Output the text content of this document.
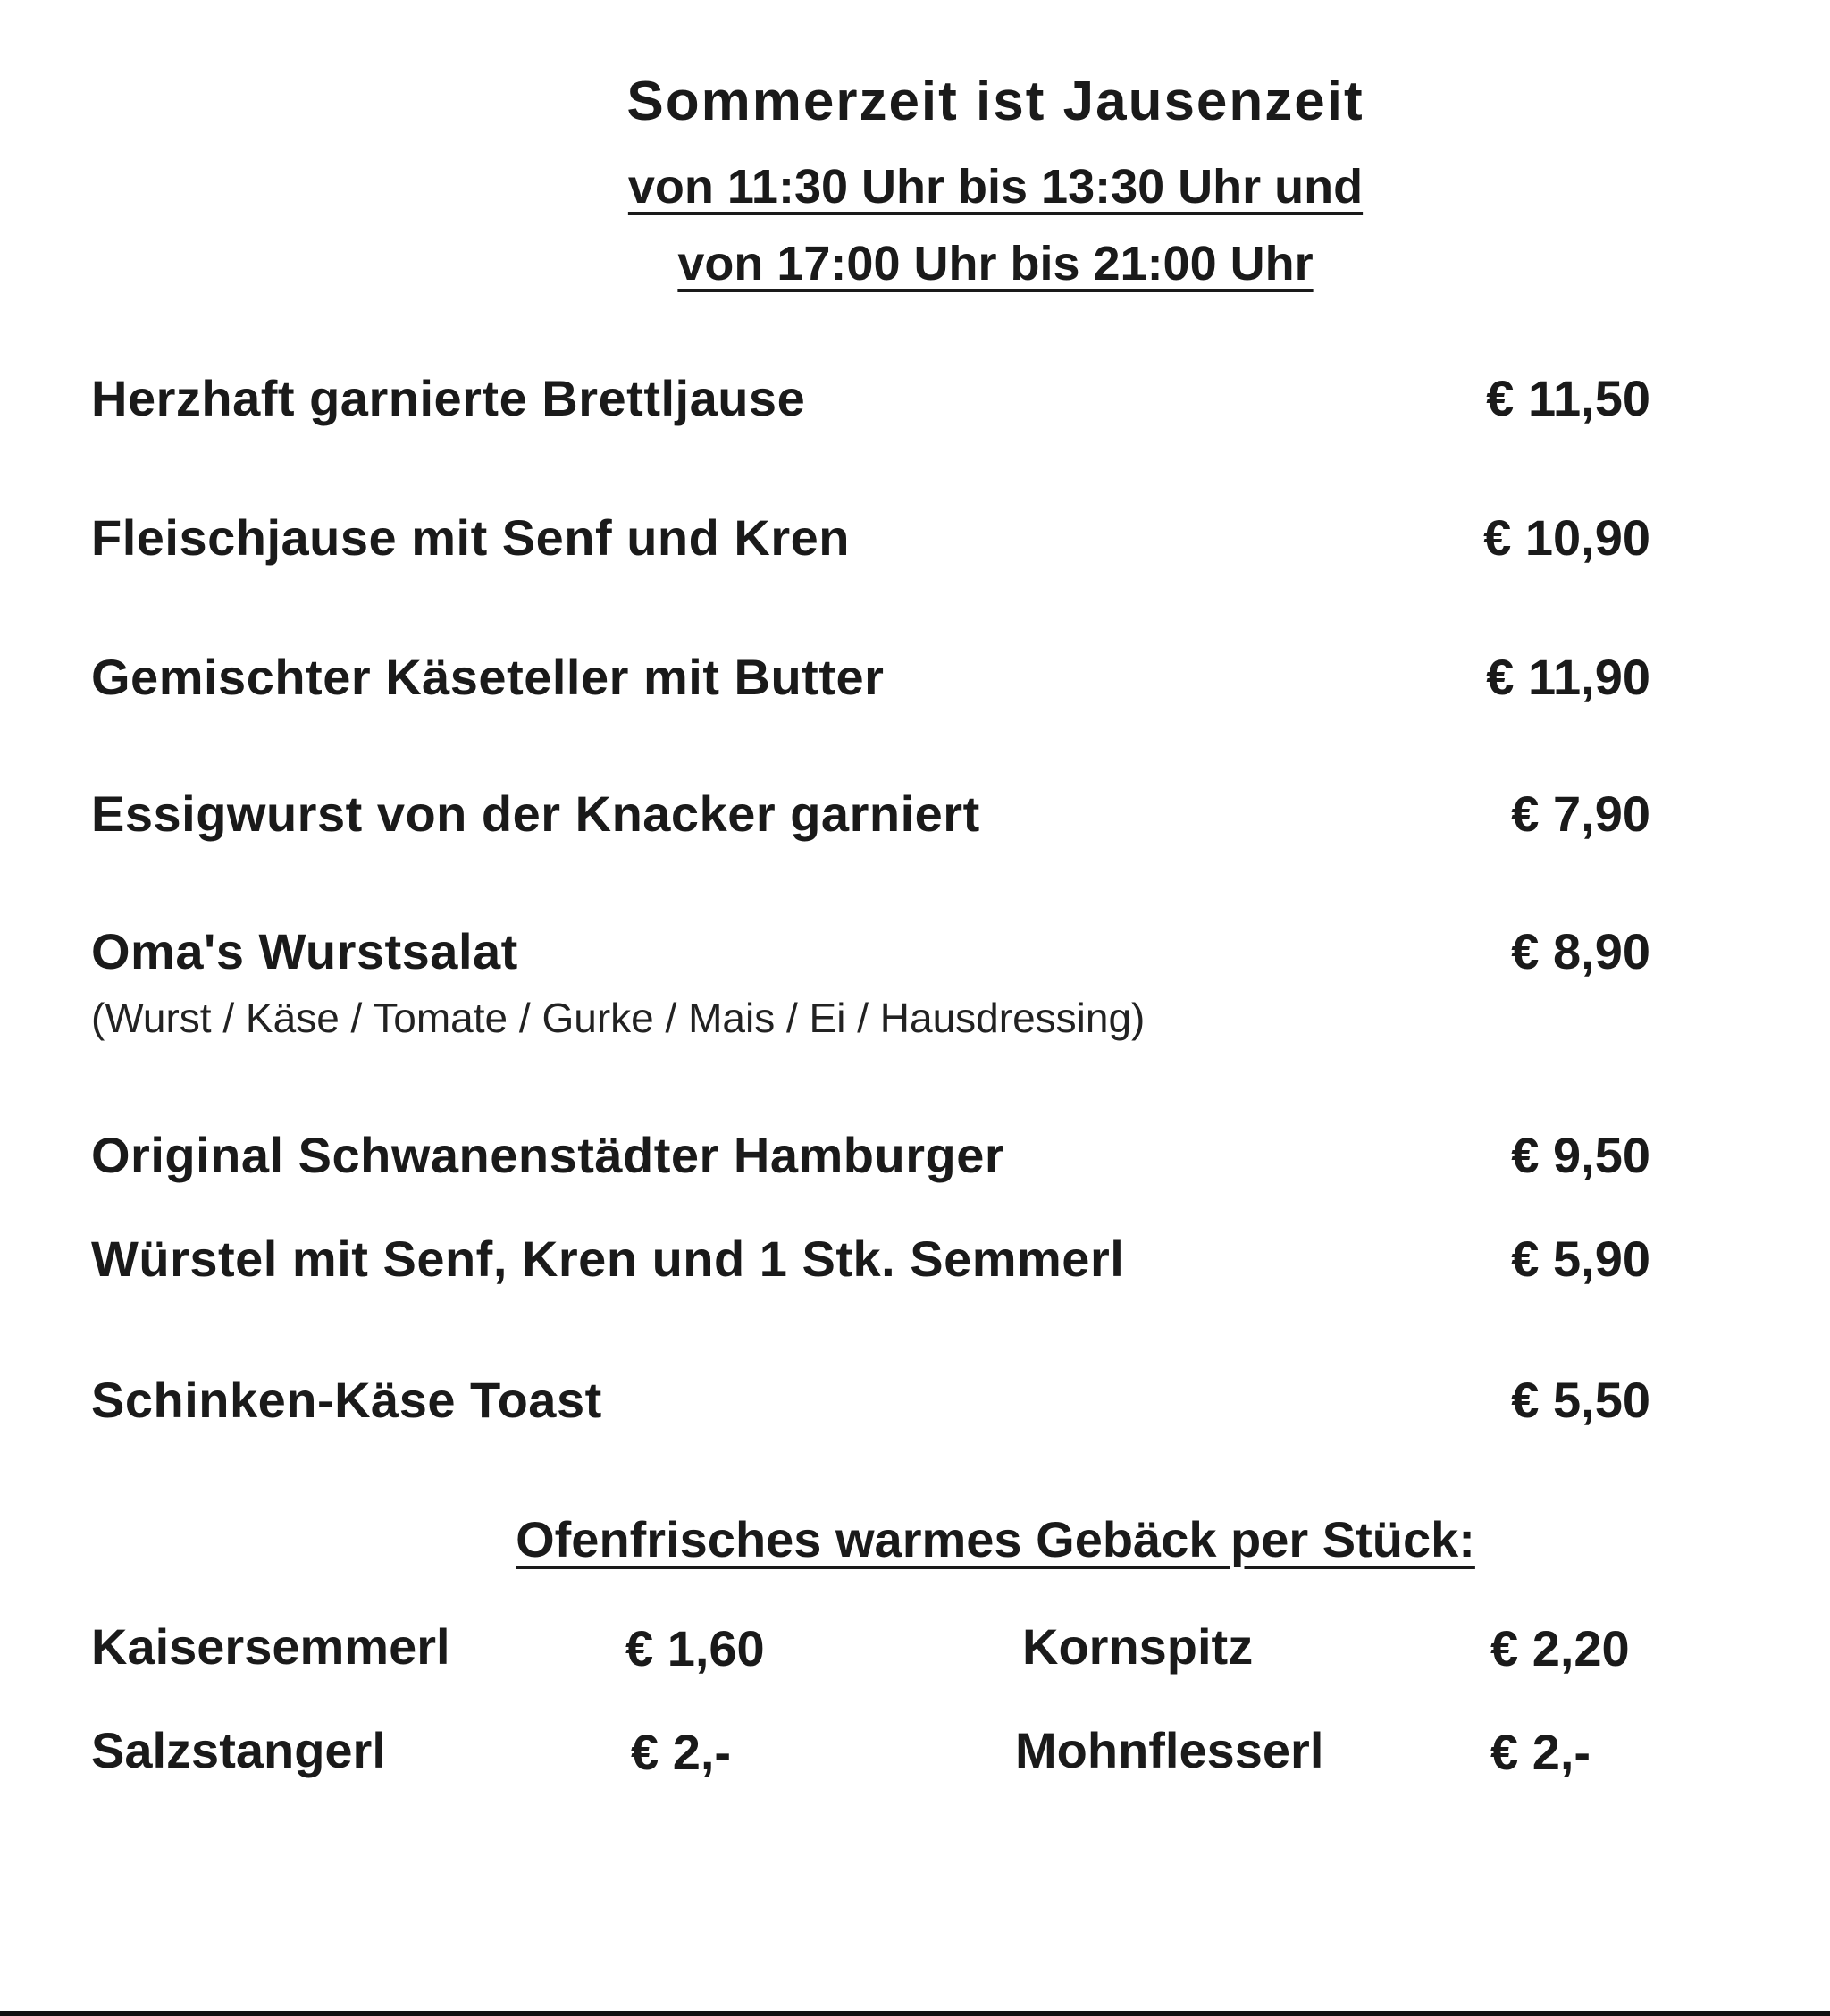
Sommerzeit ist Jausenzeit
von 11:30 Uhr bis 13:30 Uhr und
von 17:00 Uhr bis 21:00 Uhr
Herzhaft garnierte Brettljause	€ 11,50
Fleischjause mit Senf und Kren	€ 10,90
Gemischter Käseteller mit Butter	€ 11,90
Essigwurst von der Knacker garniert	€ 7,90
Oma's Wurstsalat	€ 8,90
(Wurst / Käse / Tomate / Gurke / Mais / Ei / Hausdressing)
Original Schwanenstädter Hamburger	€ 9,50
Würstel mit Senf, Kren und 1 Stk. Semmerl	€ 5,90
Schinken-Käse Toast	€ 5,50
Ofenfrisches warmes Gebäck per Stück:
Kaisersemmerl	€ 1,60	Kornspitz	€ 2,20
Salzstangerl	€ 2,-	Mohnflesserl	€ 2,-
